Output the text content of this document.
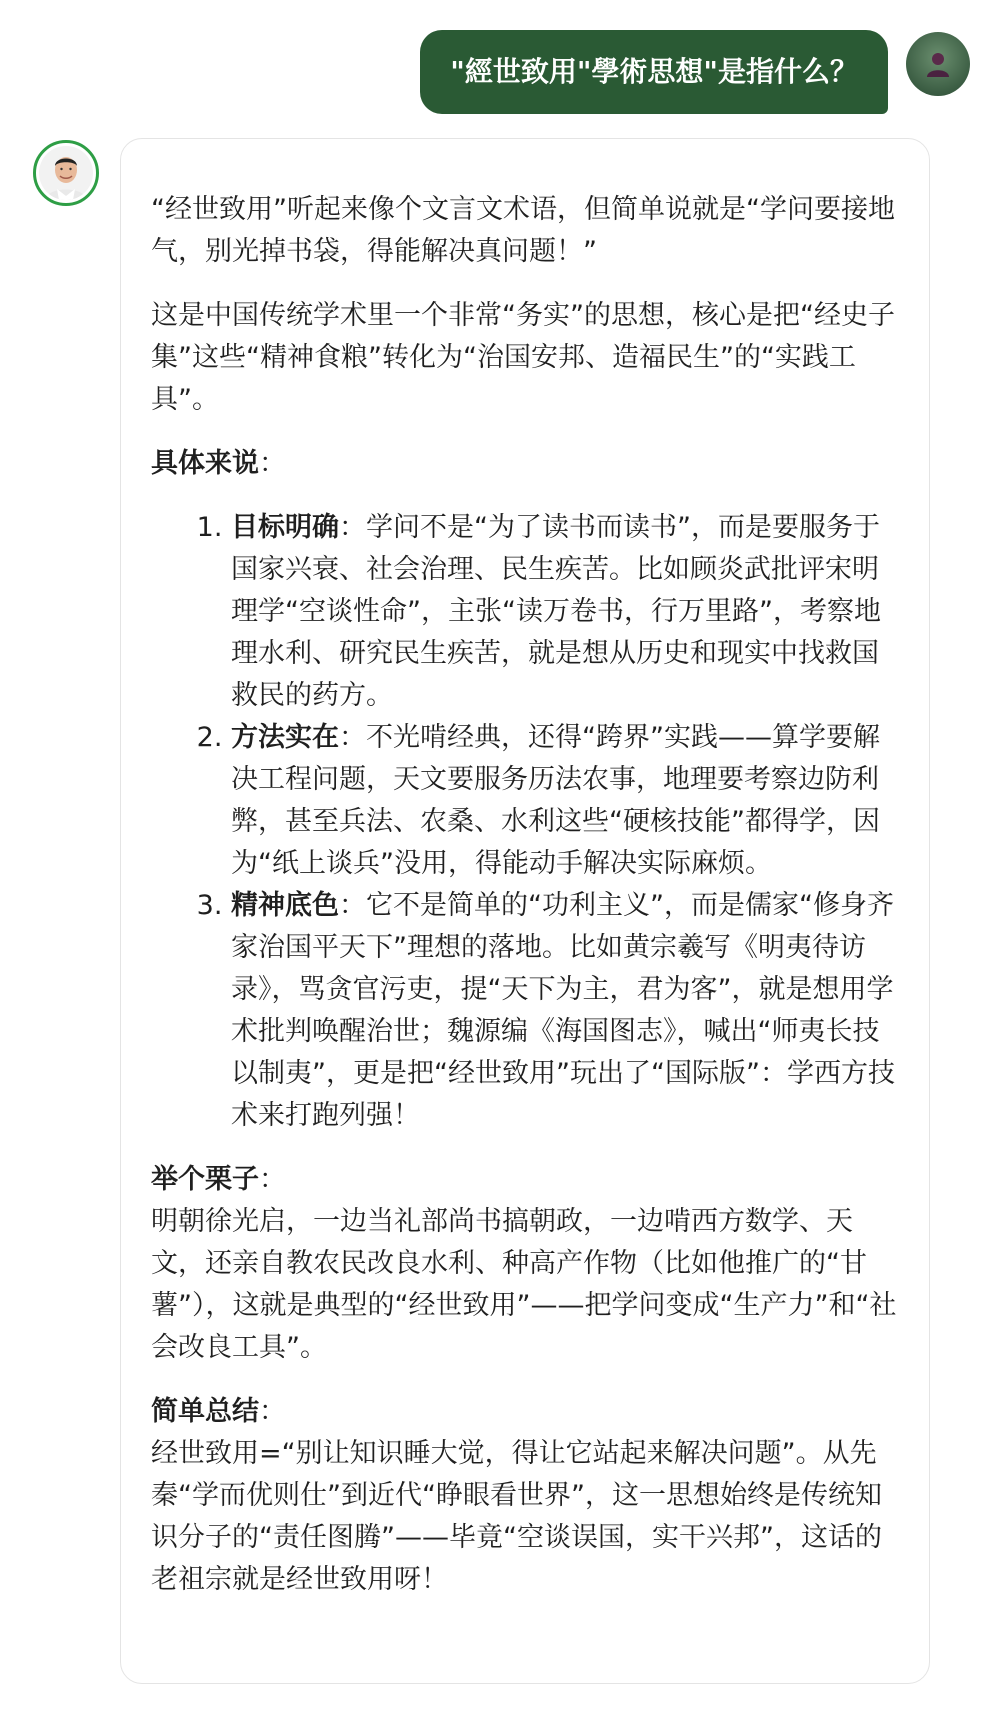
"經世致用"學術思想"是指什么？

“经世致用”听起来像个文言文术语，但简单说就是“学问要接地气，别光掉书袋，得能解决真问题！”

这是中国传统学术里一个非常“务实”的思想，核心是把“经史子集”这些“精神食粮”转化为“治国安邦、造福民生”的“实践工具”。

具体来说：

1. 目标明确：学问不是“为了读书而读书”，而是要服务于国家兴衰、社会治理、民生疾苦。比如顾炎武批评宋明理学“空谈性命”，主张“读万卷书，行万里路”，考察地理水利、研究民生疾苦，就是想从历史和现实中找救国救民的药方。
2. 方法实在：不光啃经典，还得“跨界”实践——算学要解决工程问题，天文要服务历法农事，地理要考察边防利弊，甚至兵法、农桑、水利这些“硬核技能”都得学，因为“纸上谈兵”没用，得能动手解决实际麻烦。
3. 精神底色：它不是简单的“功利主义”，而是儒家“修身齐家治国平天下”理想的落地。比如黄宗羲写《明夷待访录》，骂贪官污吏，提“天下为主，君为客”，就是想用学术批判唤醒治世；魏源编《海国图志》，喊出“师夷长技以制夷”，更是把“经世致用”玩出了“国际版”：学西方技术来打跑列强！
举个栗子：
明朝徐光启，一边当礼部尚书搞朝政，一边啃西方数学、天文，还亲自教农民改良水利、种高产作物（比如他推广的“甘薯”），这就是典型的“经世致用”——把学问变成“生产力”和“社会改良工具”。
简单总结：
经世致用=“别让知识睡大觉，得让它站起来解决问题”。从先秦“学而优则仕”到近代“睁眼看世界”，这一思想始终是传统知识分子的“责任图腾”——毕竟“空谈误国，实干兴邦”，这话的老祖宗就是经世致用呀！
